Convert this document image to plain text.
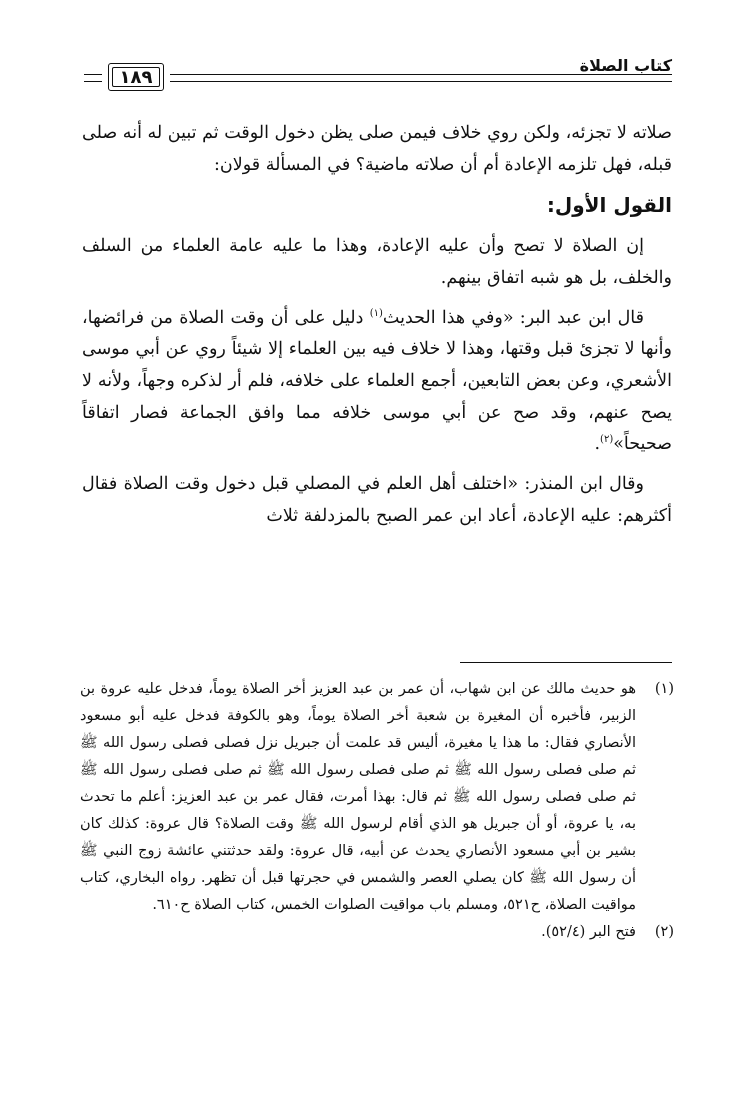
كتاب الصلاة
١٨٩

صلاته لا تجزئه، ولكن روي خلاف فيمن صلى يظن دخول الوقت ثم تبين له أنه صلى قبله، فهل تلزمه الإعادة أم أن صلاته ماضية؟ في المسألة قولان:

القول الأول:

إن الصلاة لا تصح وأن عليه الإعادة، وهذا ما عليه عامة العلماء من السلف والخلف، بل هو شبه اتفاق بينهم.

قال ابن عبد البر: «وفي هذا الحديث$^{(١)}$ دليل على أن وقت الصلاة من فرائضها، وأنها لا تجزئ قبل وقتها، وهذا لا خلاف فيه بين العلماء إلا شيئاً روي عن أبي موسى الأشعري، وعن بعض التابعين، أجمع العلماء على خلافه، فلم أر لذكره وجهاً، ولأنه لا يصح عنهم، وقد صح عن أبي موسى خلافه مما وافق الجماعة فصار اتفاقاً صحيحاً»$^{(٢)}$.

وقال ابن المنذر: «اختلف أهل العلم في المصلي قبل دخول وقت الصلاة فقال أكثرهم: عليه الإعادة، أعاد ابن عمر الصبح بالمزدلفة ثلاث

(١)
هو حديث مالك عن ابن شهاب، أن عمر بن عبد العزيز أخر الصلاة يوماً، فدخل عليه عروة بن الزبير، فأخبره أن المغيرة بن شعبة أخر الصلاة يوماً، وهو بالكوفة فدخل عليه أبو مسعود الأنصاري فقال: ما هذا يا مغيرة، أليس قد علمت أن جبريل نزل فصلى فصلى رسول الله ﷺ ثم صلى فصلى رسول الله ﷺ ثم صلى فصلى رسول الله ﷺ ثم صلى فصلى رسول الله ﷺ ثم صلى فصلى رسول الله ﷺ ثم قال: بهذا أمرت، فقال عمر بن عبد العزيز: أعلم ما تحدث به، يا عروة، أو أن جبريل هو الذي أقام لرسول الله ﷺ وقت الصلاة؟ قال عروة: كذلك كان بشير بن أبي مسعود الأنصاري يحدث عن أبيه، قال عروة: ولقد حدثتني عائشة زوج النبي ﷺ أن رسول الله ﷺ كان يصلي العصر والشمس في حجرتها قبل أن تظهر. رواه البخاري، كتاب مواقيت الصلاة، ح٥٢١، ومسلم باب مواقيت الصلوات الخمس، كتاب الصلاة ح٦١٠.
(٢)
فتح البر (٥٢/٤).
